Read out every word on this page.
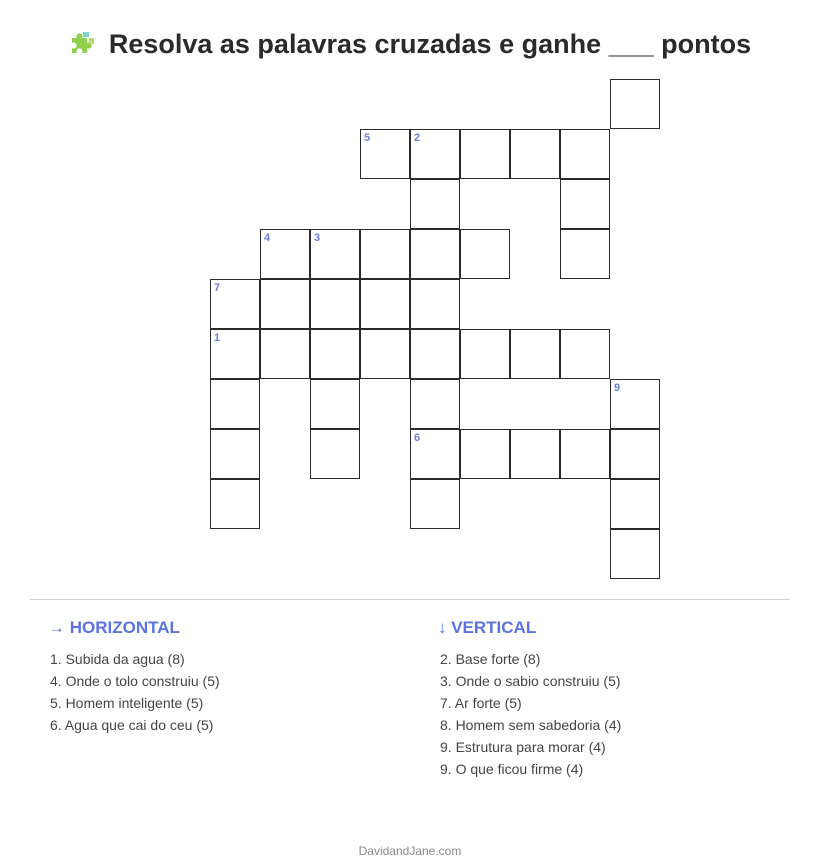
Resolva as palavras cruzadas e ganhe ___ pontos
5	2
4	3
7
1
9
6
→ HORIZONTAL
1. Subida da agua (8)
4. Onde o tolo construiu (5)
5. Homem inteligente (5)
6. Agua que cai do ceu (5)
↓ VERTICAL
2. Base forte (8)
3. Onde o sabio construiu (5)
7. Ar forte (5)
8. Homem sem sabedoria (4)
9. Estrutura para morar (4)
9. O que ficou firme (4)
DavidandJane.com
